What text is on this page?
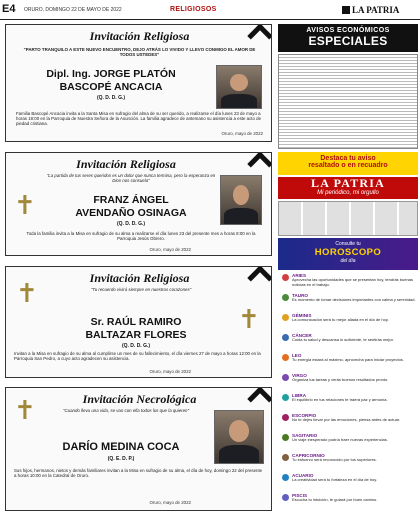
E4 ORURO, DOMINGO 22 DE MAYO DE 2022	RELIGIOSOS	LA PATRIA
Invitación Religiosa
"PARTO TRANQUILO A ESTE NUEVO ENCUENTRO, DEJO ATRÁS LO VIVIDO Y LLEVO CONMIGO EL AMOR DE TODOS USTEDES"
Dipl. Ing. JORGE PLATÓN
BASCOPÉ ANCACIA
(Q. D. D. G.)
Familia Bascopé Ancacia invita a la Santa Misa en sufragio del alma de su ser querido, a realizarse el día lunes 23 de mayo a horas 19:00 en la Parroquia de Nuestra Señora de la Asunción. La familia agradece de antemano su asistencia a este acto de piedad cristiana.
Oruro, mayo de 2022
✝
Invitación Religiosa
"La partida de tus seres queridos es un dolor que nunca termina, pero la esperanza en Dios nos consuela"
FRANZ ÁNGEL
AVENDAÑO OSINAGA
(Q. D. D. G.)
Toda la familia invita a la Misa en sufragio de su alma a realizarse el día lunes 23 del presente mes a horas 8:00 en la Parroquia Jesús Obrero.
Oruro, mayo de 2022
✝
✝
Invitación Religiosa
"Tu recuerdo vivirá siempre en nuestros corazones"
Sr. RAÚL RAMIRO
BALTAZAR FLORES
(Q. D. D. G.)
Invitan a la Misa en sufragio de su alma al cumplirse un mes de su fallecimiento, el día viernes 27 de mayo a horas 12:00 en la Parroquia San Pedro, a cuyo acto agradecen su asistencia.
Oruro, mayo de 2022
✝	Invitación Necrológica
"Cuando lleva una vida, se van con ella todos los que la quieren"
DARÍO MEDINA COCA
(Q. E. D. P.)
Sus hijos, hermanos, nietos y demás familiares invitan a la Misa en sufragio de su alma, el día de hoy, domingo 22 del presente a horas 10:00 en la Catedral de Oruro.
Oruro, mayo de 2022
AVISOS ECONÓMICOS
ESPECIALES
Destaca tu aviso
resaltado o en recuadro
LA PATRIA
Mi periódico, mi orgullo
Consulte tu
HOROSCOPO
del día
ARIES
Aprovecha las oportunidades que se presentan hoy, tendrás buenas noticias en el trabajo.
TAURO
Es momento de tomar decisiones importantes con calma y serenidad.
GÉMINIS
La comunicación será tu mejor aliada en el día de hoy.
CÁNCER
Cuida tu salud y descansa lo suficiente, te sentirás mejor.
LEO
Tu energía estará al máximo, aprovecha para iniciar proyectos.
VIRGO
Organiza tus tareas y verás buenos resultados pronto.
LIBRA
El equilibrio en tus relaciones te traerá paz y armonía.
ESCORPIO
No te dejes llevar por las emociones, piensa antes de actuar.
SAGITARIO
Un viaje inesperado podría traer nuevas experiencias.
CAPRICORNIO
Tu esfuerzo será reconocido por tus superiores.
ACUARIO
La creatividad será tu fortaleza en el día de hoy.
PISCIS
Escucha tu intuición, te guiará por buen camino.
